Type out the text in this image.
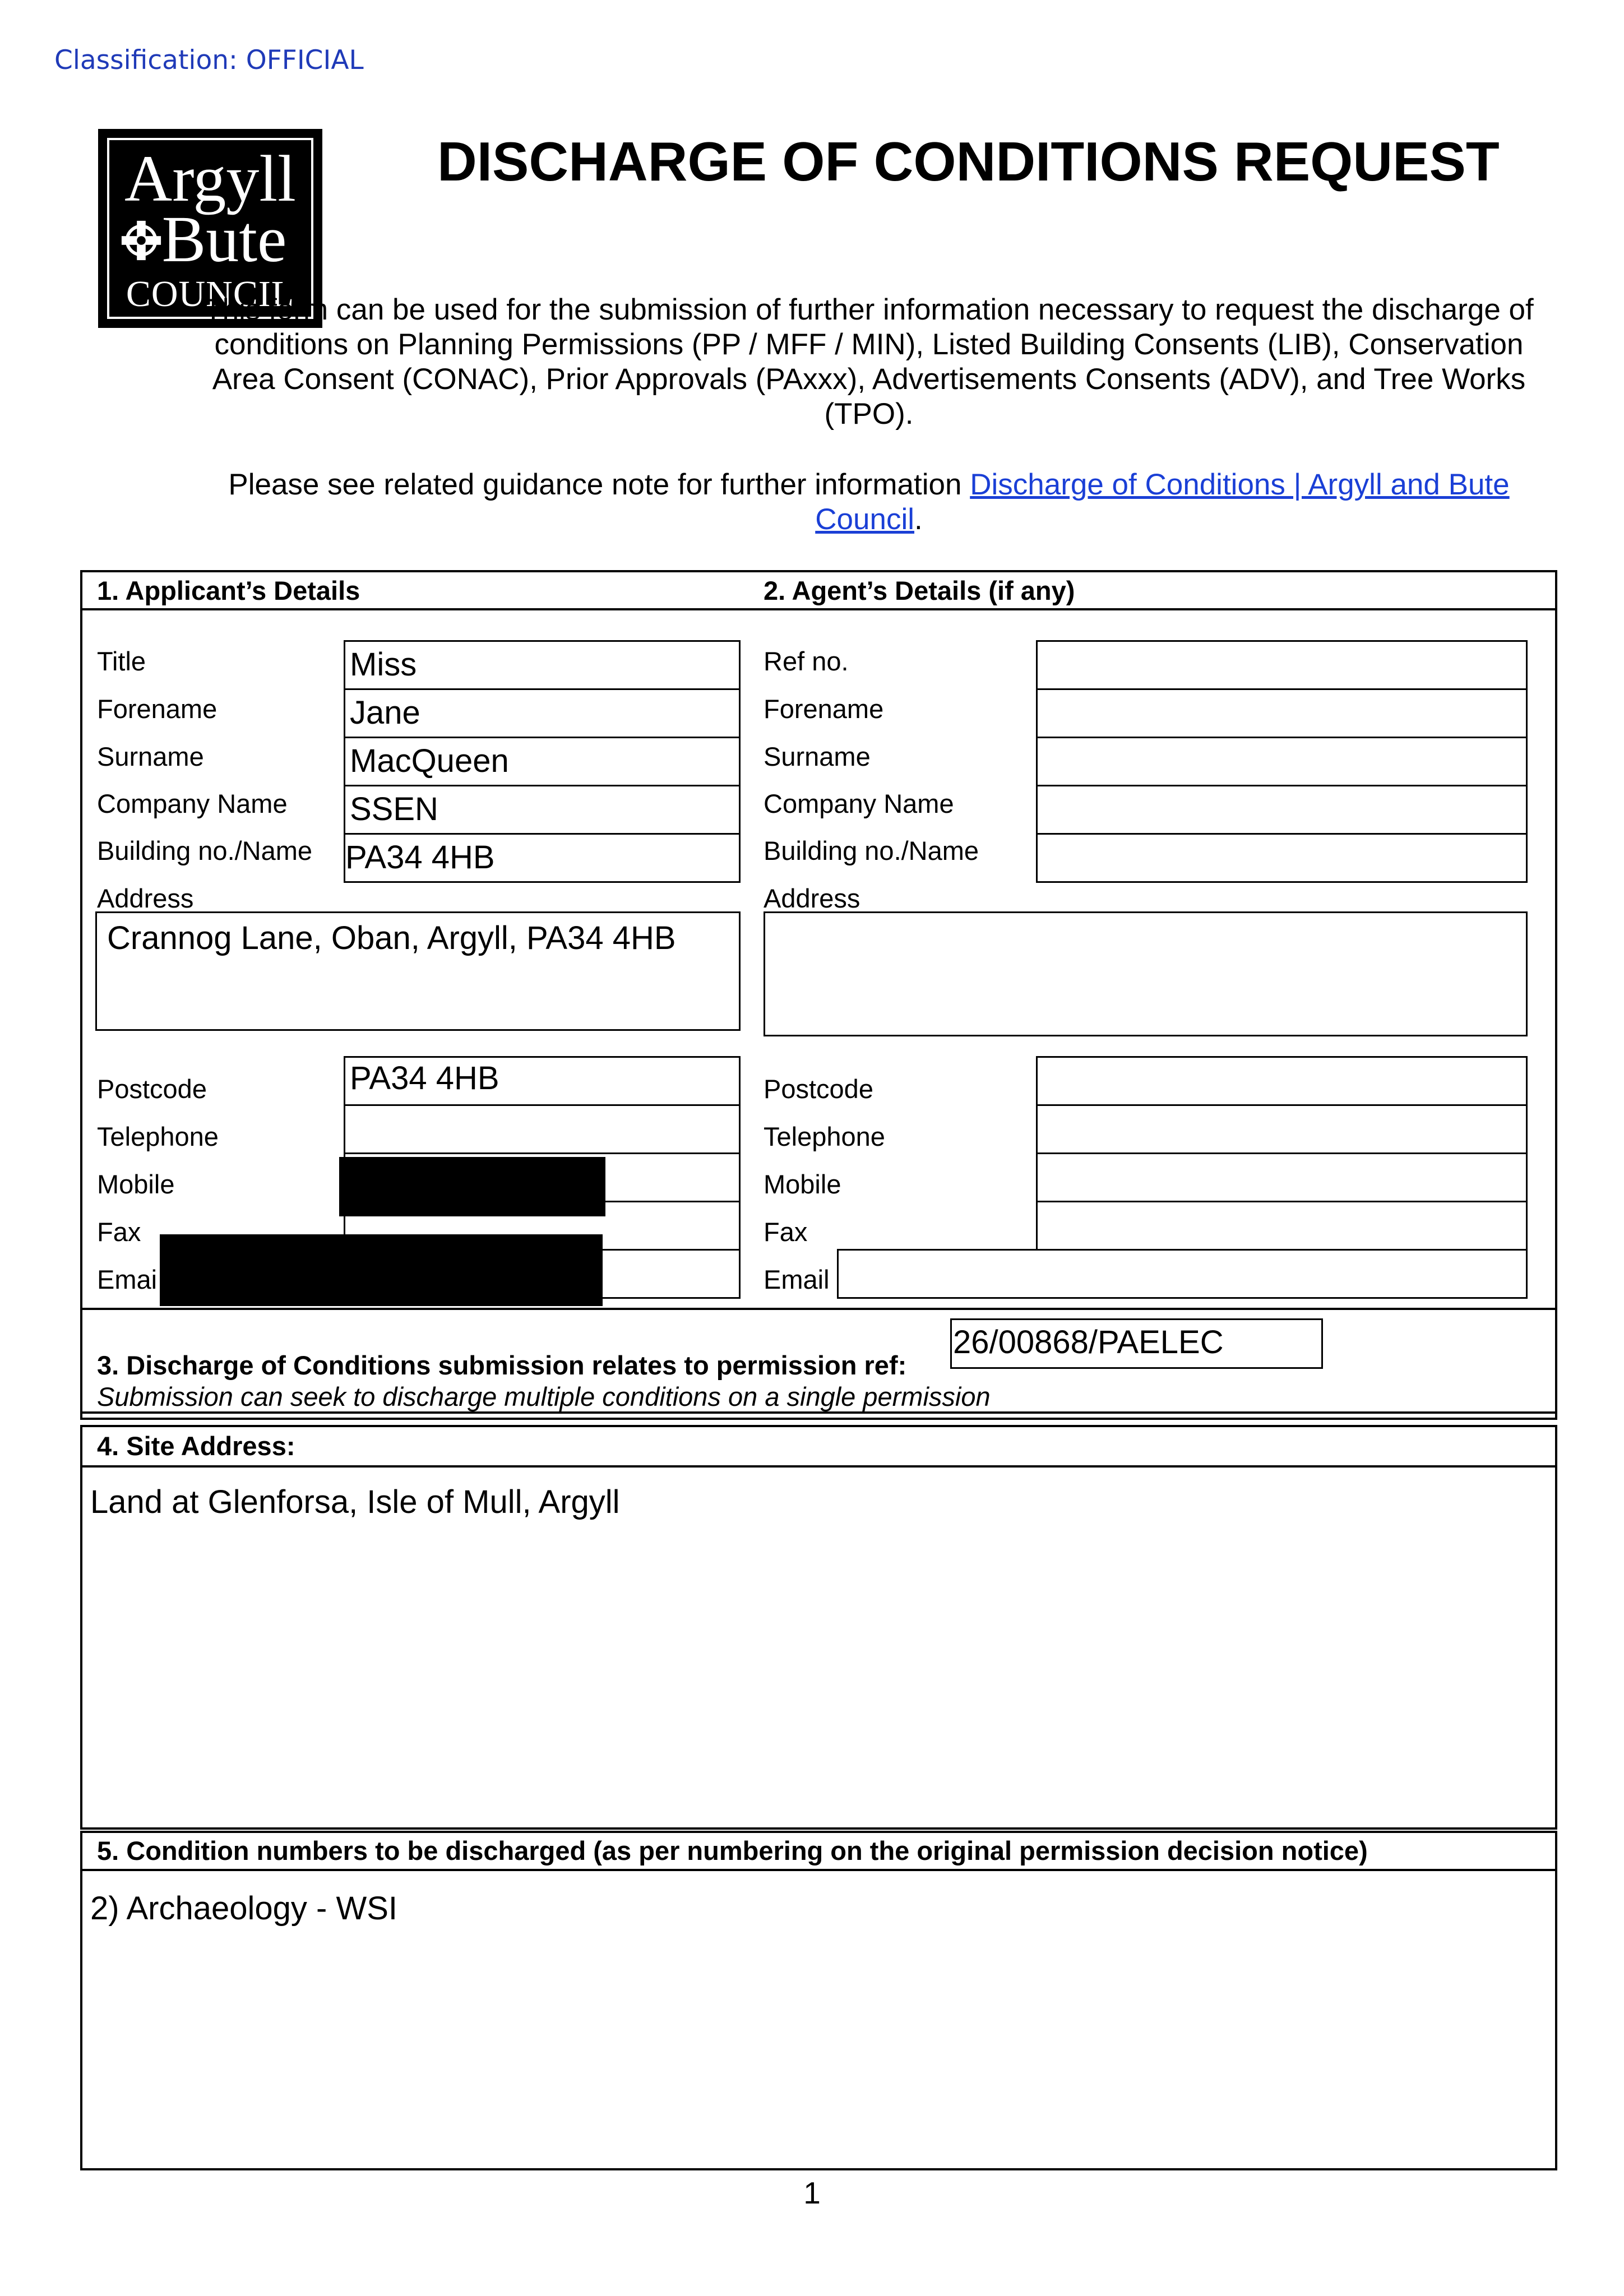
Classification: OFFICIAL
Argyll
Bute
COUNCIL
DISCHARGE OF CONDITIONS REQUEST
This form can be used for the submission of further information necessary to request the discharge of conditions on Planning Permissions (PP / MFF / MIN), Listed Building Consents (LIB), Conservation Area Consent (CONAC), Prior Approvals (PAxxx), Advertisements Consents (ADV), and Tree Works (TPO).
Please see related guidance note for further information Discharge of Conditions | Argyll and Bute Council.
1. Applicant’s Details	2. Agent’s Details (if any)
Title
Forename
Surname
Company Name
Building no./Name
Address
Postcode
Telephone
Mobile
Fax
Emai
Miss
Jane
MacQueen
SSEN
PA34 4HB
Crannog Lane, Oban, Argyll, PA34 4HB
PA34 4HB
Ref no.
Forename
Surname
Company Name
Building no./Name
Address
Postcode
Telephone
Mobile
Fax
Email
3. Discharge of Conditions submission relates to permission ref:
26/00868/PAELEC
Submission can seek to discharge multiple conditions on a single permission
4. Site Address:
Land at Glenforsa, Isle of Mull, Argyll
5. Condition numbers to be discharged (as per numbering on the original permission decision notice)
2) Archaeology - WSI
1
